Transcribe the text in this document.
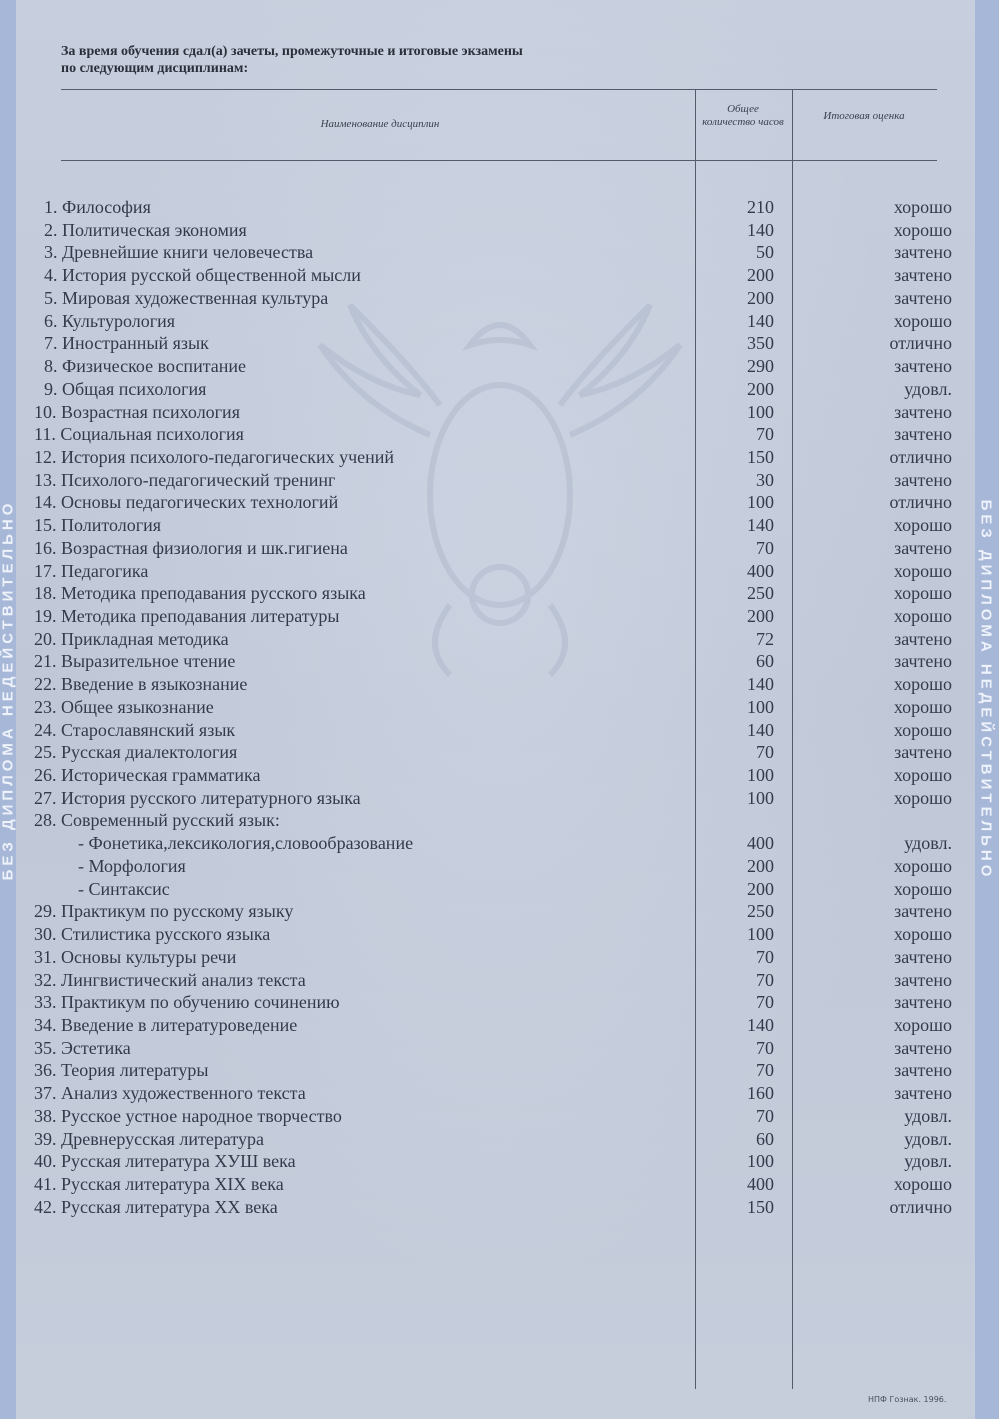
БЕЗ ДИПЛОМА НЕДЕЙСТВИТЕЛЬНО	БЕЗ ДИПЛОМА НЕДЕЙСТВИТЕЛЬНО
За время обучения сдал(а) зачеты, промежуточные и итоговые экзамены
по следующим дисциплинам:
Наименование дисциплин
Общее количество часов	Итоговая оценка
1. Философия	210	хорошо
2. Политическая экономия	140	хорошо
3. Древнейшие книги человечества	50	зачтено
4. История русской общественной мысли	200	зачтено
5. Мировая художественная культура	200	зачтено
6. Культурология	140	хорошо
7. Иностранный язык	350	отлично
8. Физическое воспитание	290	зачтено
9. Общая психология	200	удовл.
10. Возрастная психология	100	зачтено
11. Социальная психология	70	зачтено
12. История психолого-педагогических учений	150	отлично
13. Психолого-педагогический тренинг	30	зачтено
14. Основы педагогических технологий	100	отлично
15. Политология	140	хорошо
16. Возрастная физиология и шк.гигиена	70	зачтено
17. Педагогика	400	хорошо
18. Методика преподавания русского языка	250	хорошо
19. Методика преподавания литературы	200	хорошо
20. Прикладная методика	72	зачтено
21. Выразительное чтение	60	зачтено
22. Введение в языкознание	140	хорошо
23. Общее языкознание	100	хорошо
24. Старославянский язык	140	хорошо
25. Русская диалектология	70	зачтено
26. Историческая грамматика	100	хорошо
27. История русского литературного языка	100	хорошо
28. Современный русский язык:
- Фонетика,лексикология,словообразование	400	удовл.
- Морфология	200	хорошо
- Синтаксис	200	хорошо
29. Практикум по русскому языку	250	зачтено
30. Стилистика русского языка	100	хорошо
31. Основы культуры речи	70	зачтено
32. Лингвистический анализ текста	70	зачтено
33. Практикум по обучению сочинению	70	зачтено
34. Введение в литературоведение	140	хорошо
35. Эстетика	70	зачтено
36. Теория литературы	70	зачтено
37. Анализ художественного текста	160	зачтено
38. Русское устное народное творчество	70	удовл.
39. Древнерусская литература	60	удовл.
40. Русская литература ХУШ века	100	удовл.
41. Русская литература XIX века	400	хорошо
42. Русская литература XX века	150	отлично
НПФ Гознак. 1996.
